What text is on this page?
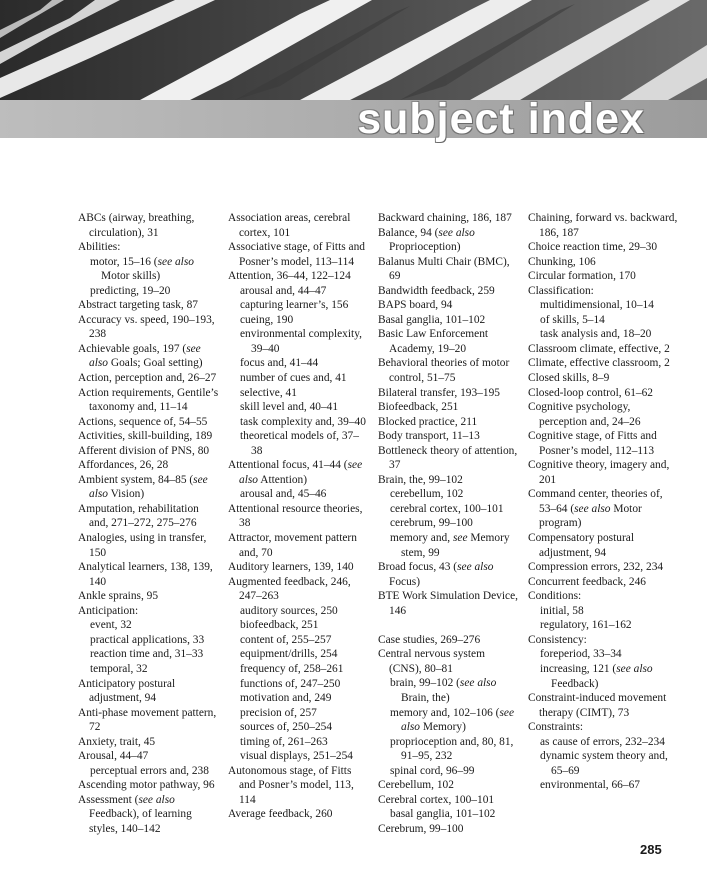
subject index
ABCs (airway, breathing, circulation), 31
Abilities:
motor, 15–16 (see also Motor skills)
predicting, 19–20
Abstract targeting task, 87
Accuracy vs. speed, 190–193, 238
Achievable goals, 197 (see also Goals; Goal setting)
Action, perception and, 26–27
Action requirements, Gentile’s taxonomy and, 11–14
Actions, sequence of, 54–55
Activities, skill-building, 189
Afferent division of PNS, 80
Affordances, 26, 28
Ambient system, 84–85 (see also Vision)
Amputation, rehabilitation and, 271–272, 275–276
Analogies, using in transfer, 150
Analytical learners, 138, 139, 140
Ankle sprains, 95
Anticipation:
event, 32
practical applications, 33
reaction time and, 31–33
temporal, 32
Anticipatory postural adjustment, 94
Anti-phase movement pattern, 72
Anxiety, trait, 45
Arousal, 44–47
perceptual errors and, 238
Ascending motor pathway, 96
Assessment (see also Feedback), of learning styles, 140–142
Association areas, cerebral cortex, 101
Associative stage, of Fitts and Posner’s model, 113–114
Attention, 36–44, 122–124
arousal and, 44–47
capturing learner’s, 156
cueing, 190
environmental complexity, 39–40
focus and, 41–44
number of cues and, 41
selective, 41
skill level and, 40–41
task complexity and, 39–40
theoretical models of, 37–38
Attentional focus, 41–44 (see also Attention)
arousal and, 45–46
Attentional resource theories, 38
Attractor, movement pattern and, 70
Auditory learners, 139, 140
Augmented feedback, 246, 247–263
auditory sources, 250
biofeedback, 251
content of, 255–257
equipment/drills, 254
frequency of, 258–261
functions of, 247–250
motivation and, 249
precision of, 257
sources of, 250–254
timing of, 261–263
visual displays, 251–254
Autonomous stage, of Fitts and Posner’s model, 113, 114
Average feedback, 260
Backward chaining, 186, 187
Balance, 94 (see also Proprioception)
Balanus Multi Chair (BMC), 69
Bandwidth feedback, 259
BAPS board, 94
Basal ganglia, 101–102
Basic Law Enforcement Academy, 19–20
Behavioral theories of motor control, 51–75
Bilateral transfer, 193–195
Biofeedback, 251
Blocked practice, 211
Body transport, 11–13
Bottleneck theory of attention, 37
Brain, the, 99–102
cerebellum, 102
cerebral cortex, 100–101
cerebrum, 99–100
memory and, see Memory stem, 99
Broad focus, 43 (see also Focus)
BTE Work Simulation Device, 146
Case studies, 269–276
Central nervous system (CNS), 80–81
brain, 99–102 (see also Brain, the)
memory and, 102–106 (see also Memory)
proprioception and, 80, 81, 91–95, 232
spinal cord, 96–99
Cerebellum, 102
Cerebral cortex, 100–101
basal ganglia, 101–102
Cerebrum, 99–100
Chaining, forward vs. backward, 186, 187
Choice reaction time, 29–30
Chunking, 106
Circular formation, 170
Classification:
multidimensional, 10–14
of skills, 5–14
task analysis and, 18–20
Classroom climate, effective, 2
Climate, effective classroom, 2
Closed skills, 8–9
Closed-loop control, 61–62
Cognitive psychology, perception and, 24–26
Cognitive stage, of Fitts and Posner’s model, 112–113
Cognitive theory, imagery and, 201
Command center, theories of, 53–64 (see also Motor program)
Compensatory postural adjustment, 94
Compression errors, 232, 234
Concurrent feedback, 246
Conditions:
initial, 58
regulatory, 161–162
Consistency:
foreperiod, 33–34
increasing, 121 (see also Feedback)
Constraint-induced movement therapy (CIMT), 73
Constraints:
as cause of errors, 232–234
dynamic system theory and, 65–69
environmental, 66–67
285
